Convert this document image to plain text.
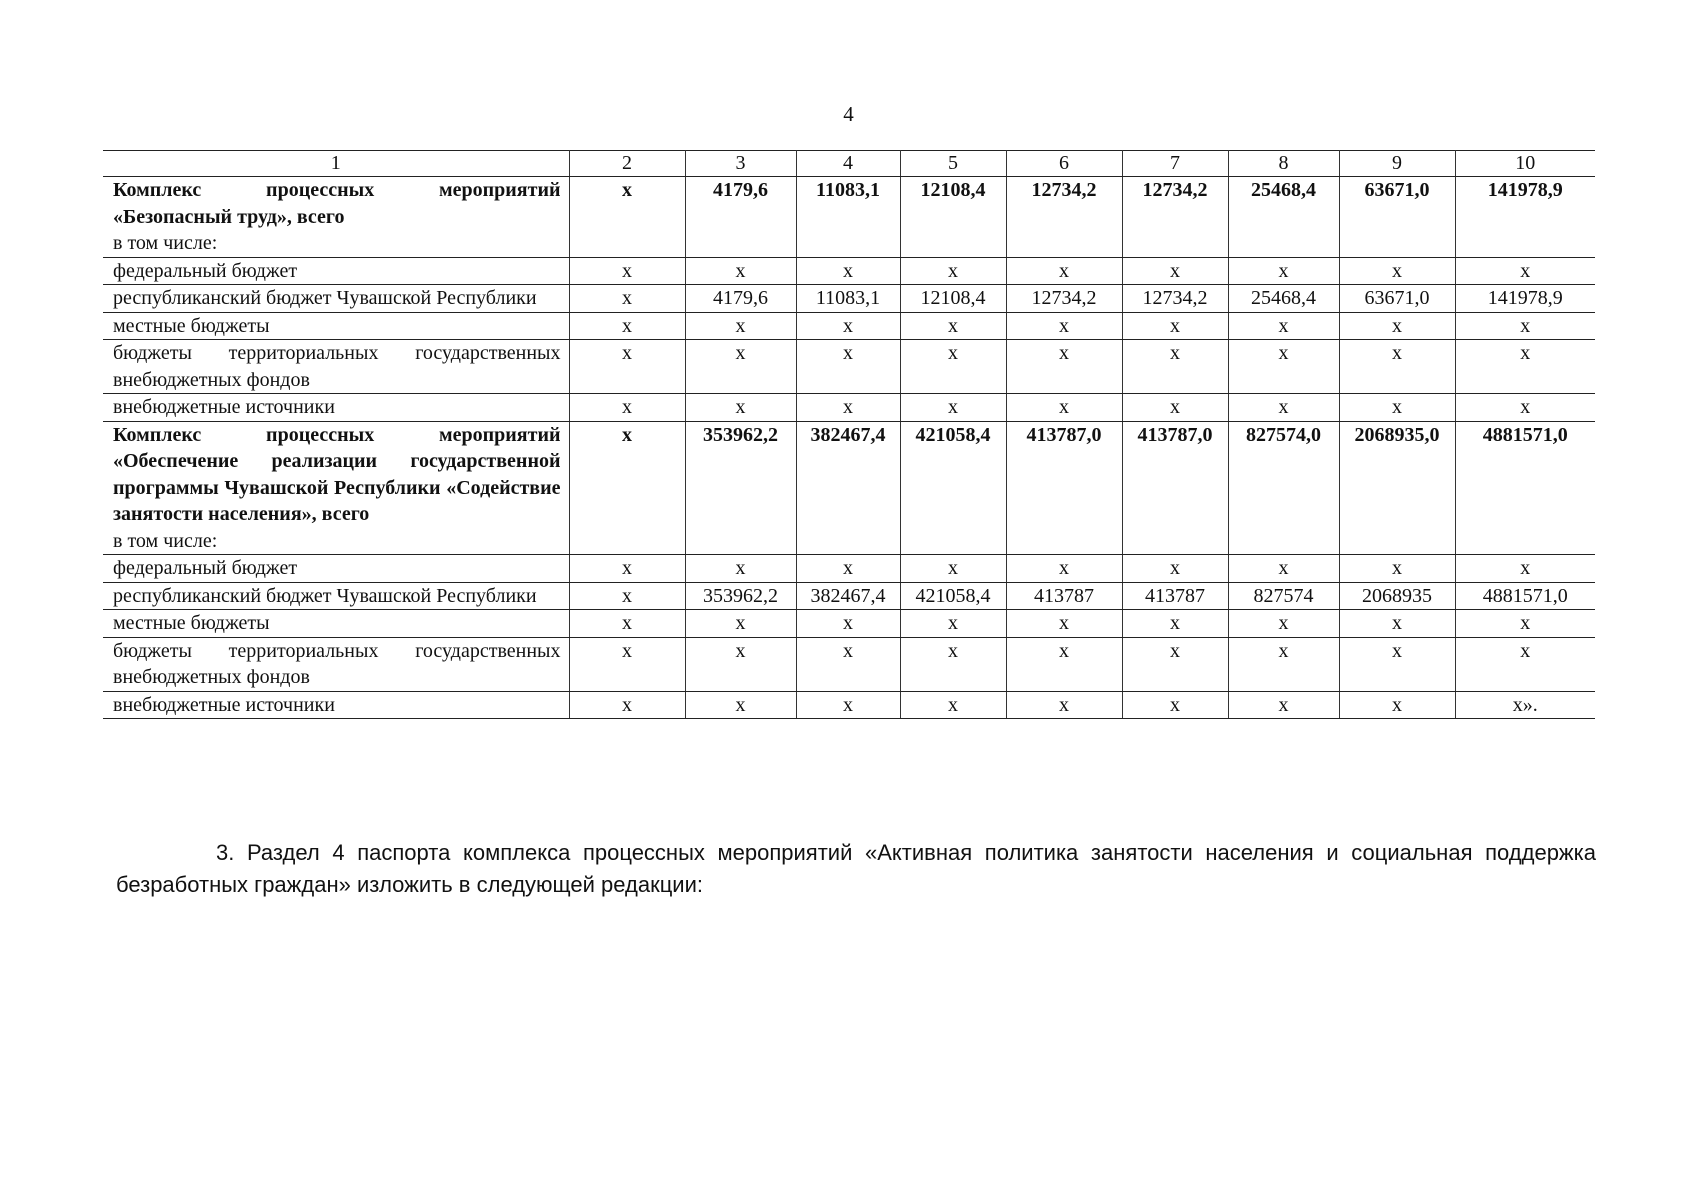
4
1	2	3	4	5	6	7	8	9	10

Комплекс процессных мероприятий «Безопасный труд», всего
в том числе:	х	4179,6	11083,1	12108,4	12734,2	12734,2	25468,4	63671,0	141978,9
федеральный бюджет	х	х	х	х	х	х	х	х	х
республиканский бюджет Чувашской Республики	х	4179,6	11083,1	12108,4	12734,2	12734,2	25468,4	63671,0	141978,9
местные бюджеты	х	х	х	х	х	х	х	х	х
бюджеты территориальных государственных внебюджетных фондов	х	х	х	х	х	х	х	х	х
внебюджетные источники	х	х	х	х	х	х	х	х	х

Комплекс процессных мероприятий «Обеспечение реализации государственной программы Чувашской Республики «Содействие занятости населения», всего
в том числе:	х	353962,2	382467,4	421058,4	413787,0	413787,0	827574,0	2068935,0	4881571,0
федеральный бюджет	х	х	х	х	х	х	х	х	х
республиканский бюджет Чувашской Республики	х	353962,2	382467,4	421058,4	413787	413787	827574	2068935	4881571,0
местные бюджеты	х	х	х	х	х	х	х	х	х
бюджеты территориальных государственных внебюджетных фондов	х	х	х	х	х	х	х	х	х
внебюджетные источники	х	х	х	х	х	х	х	х	х».

3. Раздел 4 паспорта комплекса процессных мероприятий «Активная политика занятости населения и социальная поддержка безработных граждан» изложить в следующей редакции:
